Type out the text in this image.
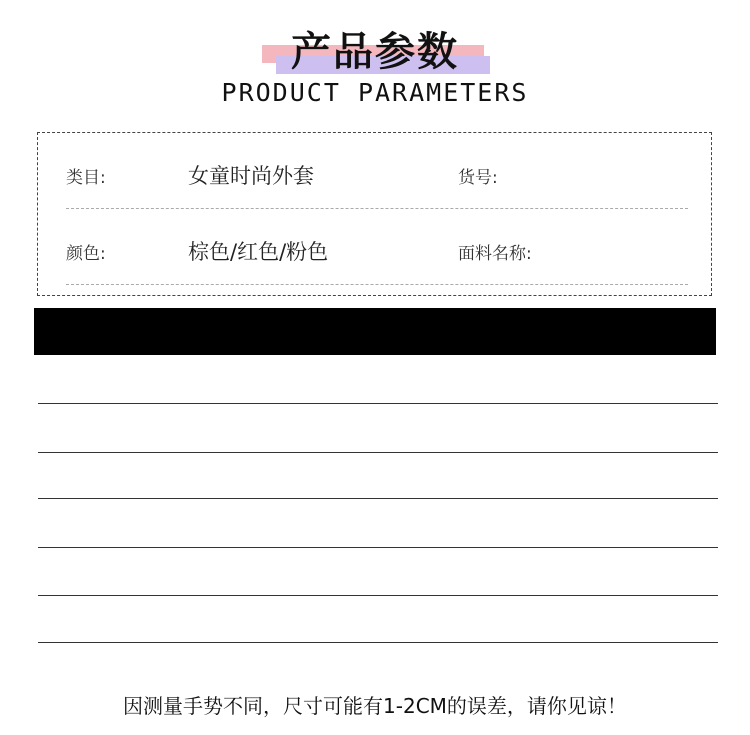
产品参数
PRODUCT PARAMETERS
类目:	女童时尚外套	货号:
颜色:	棕色/红色/粉色	面料名称:
因测量手势不同，尺寸可能有1-2CM的误差，请你见谅！
